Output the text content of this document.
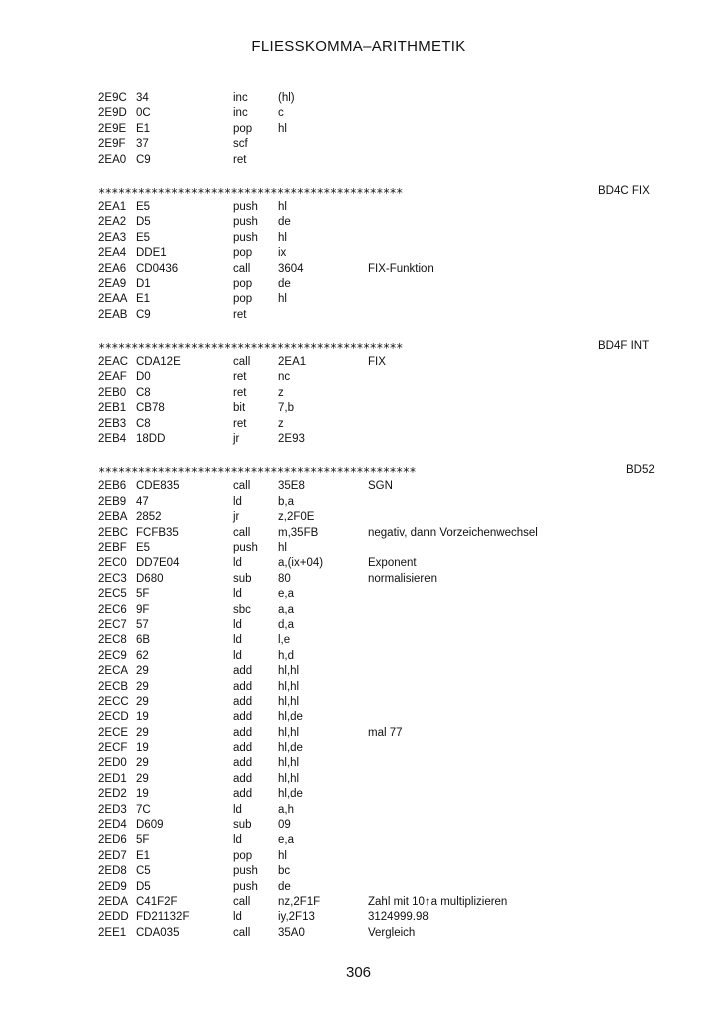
FLIESSKOMMA–ARITHMETIK
2E9C 34	inc	(hl)
2E9D 0C	inc	c
2E9E E1	pop hl
2E9F 37	scf
2EA0 C9	ret
**********************************************	BD4C FIX
2EA1 E5	push hl
2EA2 D5	push de
2EA3 E5	push hl
2EA4 DDE1	pop ix
2EA6 CD0436	call 3604	FIX-Funktion
2EA9 D1	pop de
2EAA E1	pop hl
2EAB C9	ret
**********************************************	BD4F INT
2EAC CDA12E	call 2EA1	FIX
2EAF D0	ret	nc
2EB0 C8	ret	z
2EB1 CB78	bit	7,b
2EB3 C8	ret	z
2EB4 18DD	jr	2E93
************************************************	BD52
2EB6 CDE835	call 35E8	SGN
2EB9 47	ld	b,a
2EBA 2852	jr	z,2F0E
2EBC FCFB35	call m,35FB	negativ, dann Vorzeichenwechsel
2EBF E5	push hl
2EC0 DD7E04	ld	a,(ix+04)	Exponent
2EC3 D680	sub 80	normalisieren
2EC5 5F	ld	e,a
2EC6 9F	sbc a,a
2EC7 57	ld	d,a
2EC8 6B	ld	l,e
2EC9 62	ld	h,d
2ECA 29	add hl,hl
2ECB 29	add hl,hl
2ECC 29	add hl,hl
2ECD 19	add hl,de
2ECE 29	add hl,hl	mal 77
2ECF 19	add hl,de
2ED0 29	add hl,hl
2ED1 29	add hl,hl
2ED2 19	add hl,de
2ED3 7C	ld	a,h
2ED4 D609	sub 09
2ED6 5F	ld	e,a
2ED7 E1	pop hl
2ED8 C5	push bc
2ED9 D5	push de
2EDA C41F2F	call nz,2F1F	Zahl mit 10↑a multiplizieren
2EDD FD21132F	ld	iy,2F13	3124999.98
2EE1 CDA035	call 35A0	Vergleich
306
